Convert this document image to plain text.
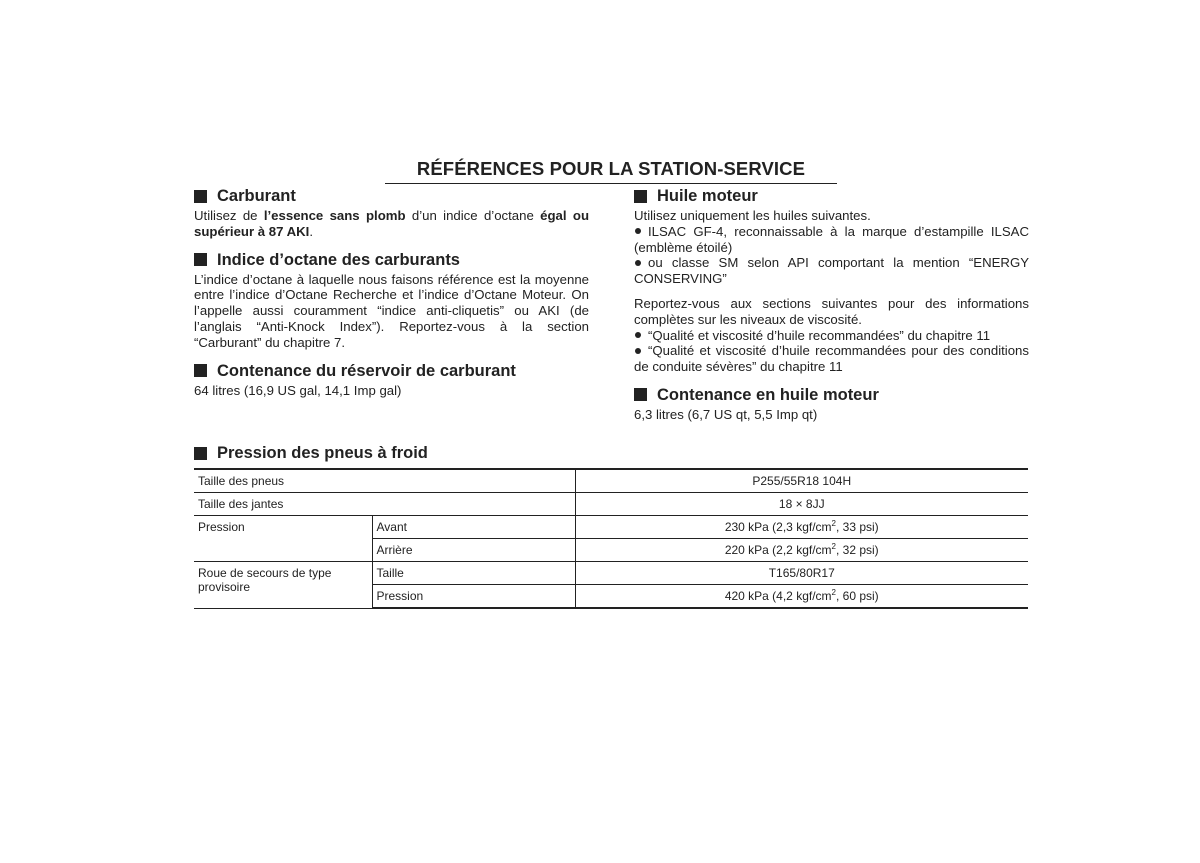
RÉFÉRENCES POUR LA STATION-SERVICE
Carburant

Utilisez de l’essence sans plomb d’un indice d’octane égal ou supérieur à 87 AKI.

Indice d’octane des carburants

L’indice d’octane à laquelle nous faisons référence est la moyenne entre l’indice d’Octane Recherche et l’indice d’Octane Moteur. On l’appelle aussi couramment “indice anti-cliquetis” ou AKI (de l’anglais “Anti-Knock Index”). Reportez-vous à la section “Carburant” du chapitre 7.

Contenance du réservoir de carburant

64 litres (16,9 US gal, 14,1 Imp gal)

Huile moteur

Utilisez uniquement les huiles suivantes.

ILSAC GF-4, reconnaissable à la marque d’estampille ILSAC (emblème étoilé)

ou classe SM selon API comportant la mention “ENERGY CONSERVING”

Reportez-vous aux sections suivantes pour des informations complètes sur les niveaux de viscosité.

“Qualité et viscosité d’huile recommandées” du chapitre 11

“Qualité et viscosité d’huile recommandées pour des conditions de conduite sévères” du chapitre 11

Contenance en huile moteur

6,3 litres (6,7 US qt, 5,5 Imp qt)

Pression des pneus à froid
Taille des pneus		P255/55R18 104H
Taille des jantes		18 × 8JJ
Pression	Avant	230 kPa (2,3 kgf/$cm^2$, 33 psi)
	Arrière	220 kPa (2,2 kgf/$cm^2$, 32 psi)
Roue de secours de type provisoire	Taille	T165/80R17
	Pression	420 kPa (4,2 kgf/$cm^2$, 60 psi)
